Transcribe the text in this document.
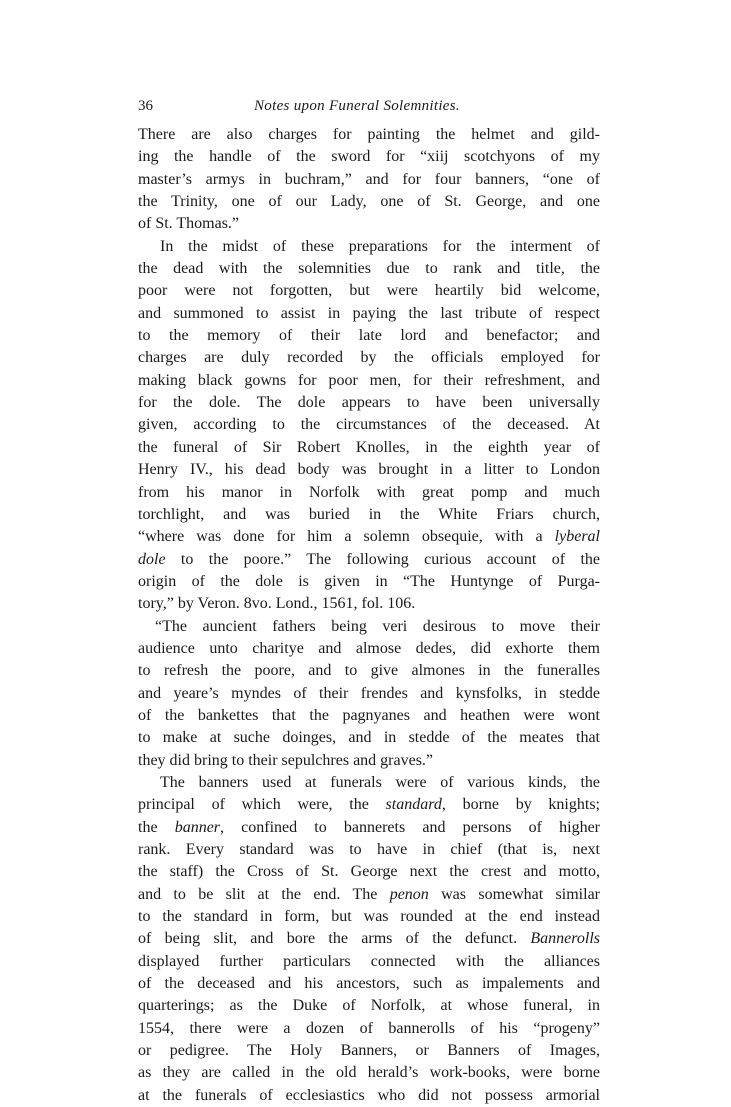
36	Notes upon Funeral Solemnities.
There are also charges for painting the helmet and gild-
ing the handle of the sword for “xiij scotchyons of my
master’s armys in buchram,” and for four banners, “one of
the Trinity, one of our Lady, one of St. George, and one
of St. Thomas.”
In the midst of these preparations for the interment of
the dead with the solemnities due to rank and title, the
poor were not forgotten, but were heartily bid welcome,
and summoned to assist in paying the last tribute of respect
to the memory of their late lord and benefactor; and
charges are duly recorded by the officials employed for
making black gowns for poor men, for their refreshment, and
for the dole. The dole appears to have been universally
given, according to the circumstances of the deceased. At
the funeral of Sir Robert Knolles, in the eighth year of
Henry IV., his dead body was brought in a litter to London
from his manor in Norfolk with great pomp and much
torchlight, and was buried in the White Friars church,
“where was done for him a solemn obsequie, with a lyberal
dole to the poore.” The following curious account of the
origin of the dole is given in “The Huntynge of Purga-
tory,” by Veron. 8vo. Lond., 1561, fol. 106.
“The auncient fathers being veri desirous to move their
audience unto charitye and almose dedes, did exhorte them
to refresh the poore, and to give almones in the funeralles
and yeare’s myndes of their frendes and kynsfolks, in stedde
of the bankettes that the pagnyanes and heathen were wont
to make at suche doinges, and in stedde of the meates that
they did bring to their sepulchres and graves.”
The banners used at funerals were of various kinds, the
principal of which were, the standard, borne by knights;
the banner, confined to bannerets and persons of higher
rank. Every standard was to have in chief (that is, next
the staff) the Cross of St. George next the crest and motto,
and to be slit at the end. The penon was somewhat similar
to the standard in form, but was rounded at the end instead
of being slit, and bore the arms of the defunct. Bannerolls
displayed further particulars connected with the alliances
of the deceased and his ancestors, such as impalements and
quarterings; as the Duke of Norfolk, at whose funeral, in
1554, there were a dozen of bannerolls of his “progeny”
or pedigree. The Holy Banners, or Banners of Images,
as they are called in the old herald’s work-books, were borne
at the funerals of ecclesiastics who did not possess armorial
